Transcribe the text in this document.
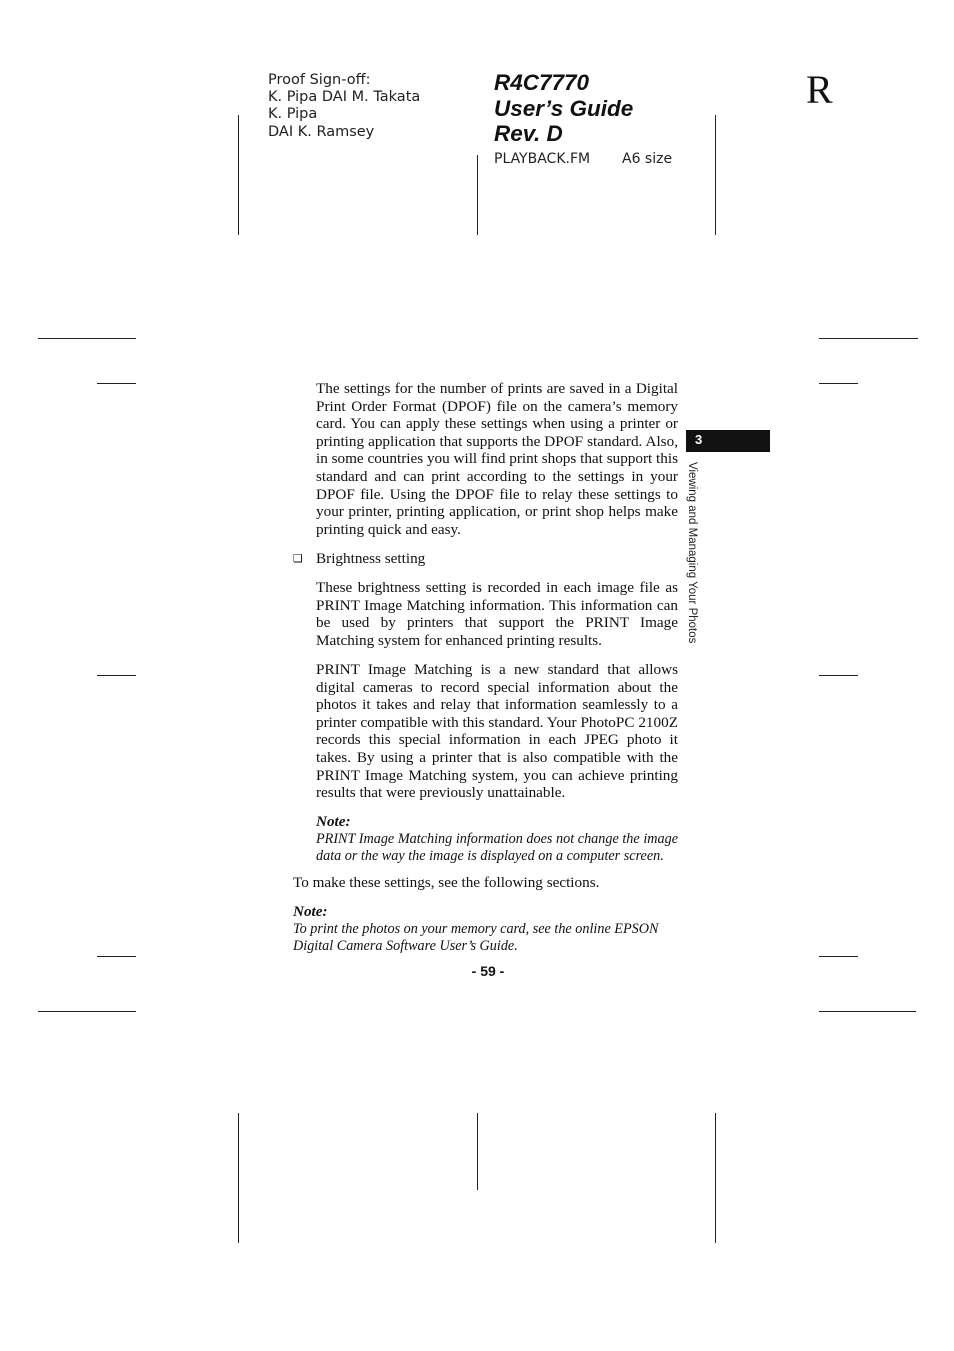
Proof Sign-off:
K. Pipa DAI M. Takata
K. Pipa
DAI K. Ramsey
R4C7770
User’s Guide
Rev. D
PLAYBACK.FM A6 size
R
3
Viewing and Managing Your Photos
The settings for the number of prints are saved in a Digital Print Order Format (DPOF) file on the camera’s memory card. You can apply these settings when using a printer or printing application that supports the DPOF standard. Also, in some countries you will find print shops that support this standard and can print according to the settings in your DPOF file. Using the DPOF file to relay these settings to your printer, printing application, or print shop helps make printing quick and easy.
❑ Brightness setting
These brightness setting is recorded in each image file as PRINT Image Matching information. This information can be used by printers that support the PRINT Image Matching system for enhanced printing results.
PRINT Image Matching is a new standard that allows digital cameras to record special information about the photos it takes and relay that information seamlessly to a printer compatible with this standard. Your PhotoPC 2100Z records this special information in each JPEG photo it takes. By using a printer that is also compatible with the PRINT Image Matching system, you can achieve printing results that were previously unattainable.
Note:
PRINT Image Matching information does not change the image data or the way the image is displayed on a computer screen.
To make these settings, see the following sections.
Note:
To print the photos on your memory card, see the online EPSON Digital Camera Software User’s Guide.
- 59 -
